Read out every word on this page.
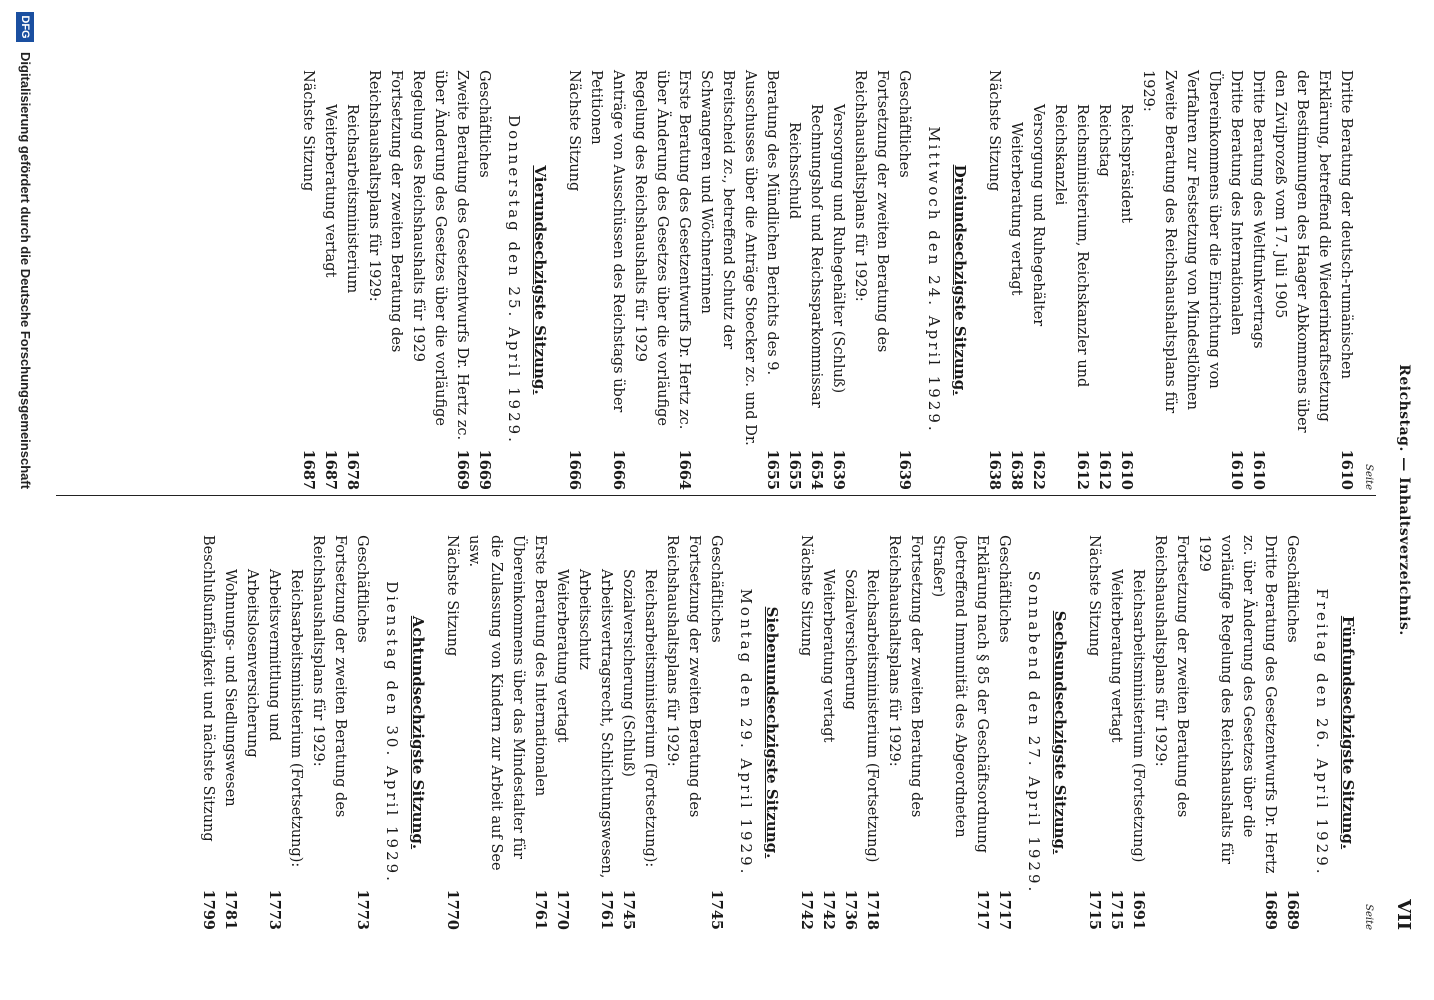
Reichstag. — Inhaltsverzeichnis.
VII
Seite
Dritte Beratung der deutsch-rumänischen Erklärung, betreffend die Wiederinkraftsetzung der Bestimmungen des Haager Abkommens über den Zivilprozeß vom 17. Juli 1905
1610
Dritte Beratung des Weltfunkvertrags
1610
Dritte Beratung des Internationalen Übereinkommens über die Einrichtung von Verfahren zur Festsetzung von Mindestlöhnen
1610
Zweite Beratung des Reichshaushaltsplans für 1929:
Reichspräsident
1610
Reichstag
1612
Reichsministerium, Reichskanzler und Reichskanzlei
1612
Versorgung und Ruhegehälter
1622
Weiterberatung vertagt
1638
Nächste Sitzung
1638
Dreiundsechzigste Sitzung.
Mittwoch den 24. April 1929.
Geschäftliches
1639
Fortsetzung der zweiten Beratung des Reichshaushaltsplans für 1929:
Versorgung und Ruhegehälter (Schluß)
1639
Rechnungshof und Reichssparkommissar
1654
Reichsschuld
1655
Beratung des Mündlichen Berichts des 9. Ausschusses über die Anträge Stoecker zc. und Dr. Breitscheid zc., betreffend Schutz der Schwangeren und Wöchnerinnen
1655
Erste Beratung des Gesetzentwurfs Dr. Hertz zc. über Änderung des Gesetzes über die vorläufige Regelung des Reichshaushalts für 1929
1664
Anträge von Ausschüssen des Reichstags über Petitionen
1666
Nächste Sitzung
1666
Vierundsechzigste Sitzung.
Donnerstag den 25. April 1929.
Geschäftliches
1669
Zweite Beratung des Gesetzentwurfs Dr. Hertz zc. über Änderung des Gesetzes über die vorläufige Regelung des Reichshaushalts für 1929
1669
Fortsetzung der zweiten Beratung des Reichshaushaltsplans für 1929:
Reichsarbeitsministerium
1678
Weiterberatung vertagt
1687
Nächste Sitzung
1687
Seite
Fünfundsechzigste Sitzung.
Freitag den 26. April 1929.
Geschäftliches
1689
Dritte Beratung des Gesetzentwurfs Dr. Hertz zc. über Änderung des Gesetzes über die vorläufige Regelung des Reichshaushalts für 1929
1689
Fortsetzung der zweiten Beratung des Reichshaushaltsplans für 1929:
Reichsarbeitsministerium (Fortsetzung)
1691
Weiterberatung vertagt
1715
Nächste Sitzung
1715
Sechsundsechzigste Sitzung.
Sonnabend den 27. April 1929.
Geschäftliches
1717
Erklärung nach § 85 der Geschäftsordnung (betreffend Immunität des Abgeordneten Straßer)
1717
Fortsetzung der zweiten Beratung des Reichshaushaltsplans für 1929:
Reichsarbeitsministerium (Fortsetzung)
1718
Sozialversicherung
1736
Weiterberatung vertagt
1742
Nächste Sitzung
1742
Siebenundsechzigste Sitzung.
Montag den 29. April 1929.
Geschäftliches
1745
Fortsetzung der zweiten Beratung des Reichshaushaltsplans für 1929:
Reichsarbeitsministerium (Fortsetzung):
Sozialversicherung (Schluß)
1745
Arbeitsvertragsrecht, Schlichtungswesen, Arbeitsschutz
1761
Weiterberatung vertagt
1770
Erste Beratung des Internationalen Übereinkommens über das Mindestalter für die Zulassung von Kindern zur Arbeit auf See usw.
1761
Nächste Sitzung
1770
Achtundsechzigste Sitzung.
Dienstag den 30. April 1929.
Geschäftliches
1773
Fortsetzung der zweiten Beratung des Reichshaushaltsplans für 1929:
Reichsarbeitsministerium (Fortsetzung):
Arbeitsvermittlung und Arbeitslosenversicherung
1773
Wohnungs- und Siedlungswesen
1781
Beschlußunfähigkeit und nächste Sitzung
1799
DFG
Digitalisierung gefördert durch die Deutsche Forschungsgemeinschaft
